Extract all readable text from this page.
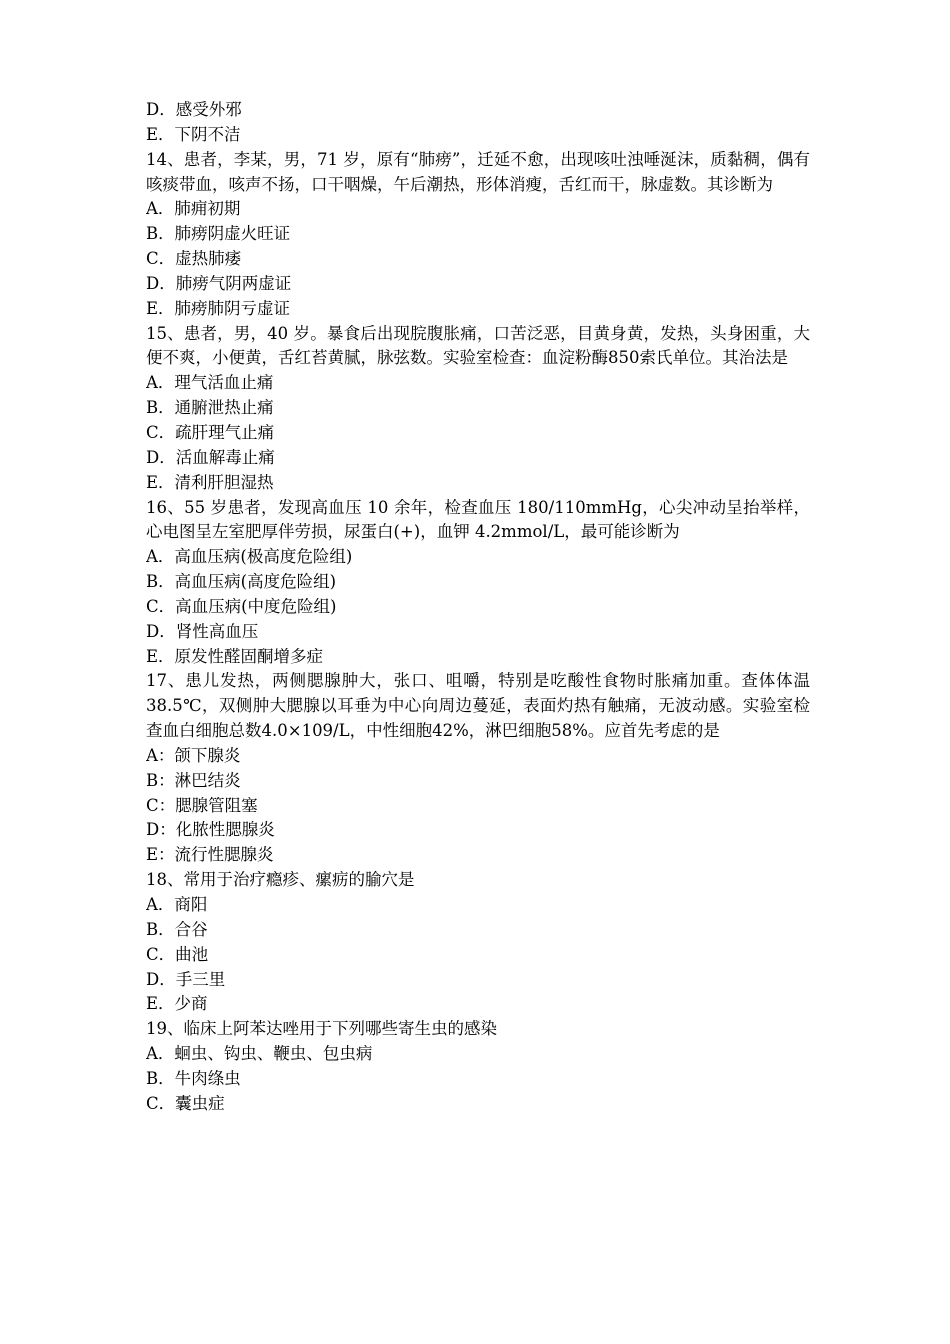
D．感受外邪
E．下阴不洁
14、患者，李某，男，71 岁，原有“肺痨”，迁延不愈，出现咳吐浊唾涎沫，质黏稠，偶有咳痰带血，咳声不扬，口干咽燥，午后潮热，形体消瘦，舌红而干，脉虚数。其诊断为
A．肺痈初期
B．肺痨阴虚火旺证
C．虚热肺痿
D．肺痨气阴两虚证
E．肺痨肺阴亏虚证
15、患者，男，40 岁。暴食后出现脘腹胀痛，口苦泛恶，目黄身黄，发热，头身困重，大便不爽，小便黄，舌红苔黄腻，脉弦数。实验室检查：血淀粉酶850索氏单位。其治法是
A．理气活血止痛
B．通腑泄热止痛
C．疏肝理气止痛
D．活血解毒止痛
E．清利肝胆湿热
16、55 岁患者，发现高血压 10 余年，检查血压 180/110mmHg，心尖冲动呈抬举样，心电图呈左室肥厚伴劳损，尿蛋白(+)，血钾 4.2mmol/L，最可能诊断为
A．高血压病(极高度危险组)
B．高血压病(高度危险组)
C．高血压病(中度危险组)
D．肾性高血压
E．原发性醛固酮增多症
17、患儿发热，两侧腮腺肿大，张口、咀嚼，特别是吃酸性食物时胀痛加重。查体体温 38.5℃，双侧肿大腮腺以耳垂为中心向周边蔓延，表面灼热有触痛，无波动感。实验室检查血白细胞总数4.0×109/L，中性细胞42%，淋巴细胞58%。应首先考虑的是
A：颌下腺炎
B：淋巴结炎
C：腮腺管阻塞
D：化脓性腮腺炎
E：流行性腮腺炎
18、常用于治疗瘾疹、瘰疬的腧穴是
A．商阳
B．合谷
C．曲池
D．手三里
E．少商
19、临床上阿苯达唑用于下列哪些寄生虫的感染
A．蛔虫、钩虫、鞭虫、包虫病
B．牛肉绦虫
C．囊虫症
